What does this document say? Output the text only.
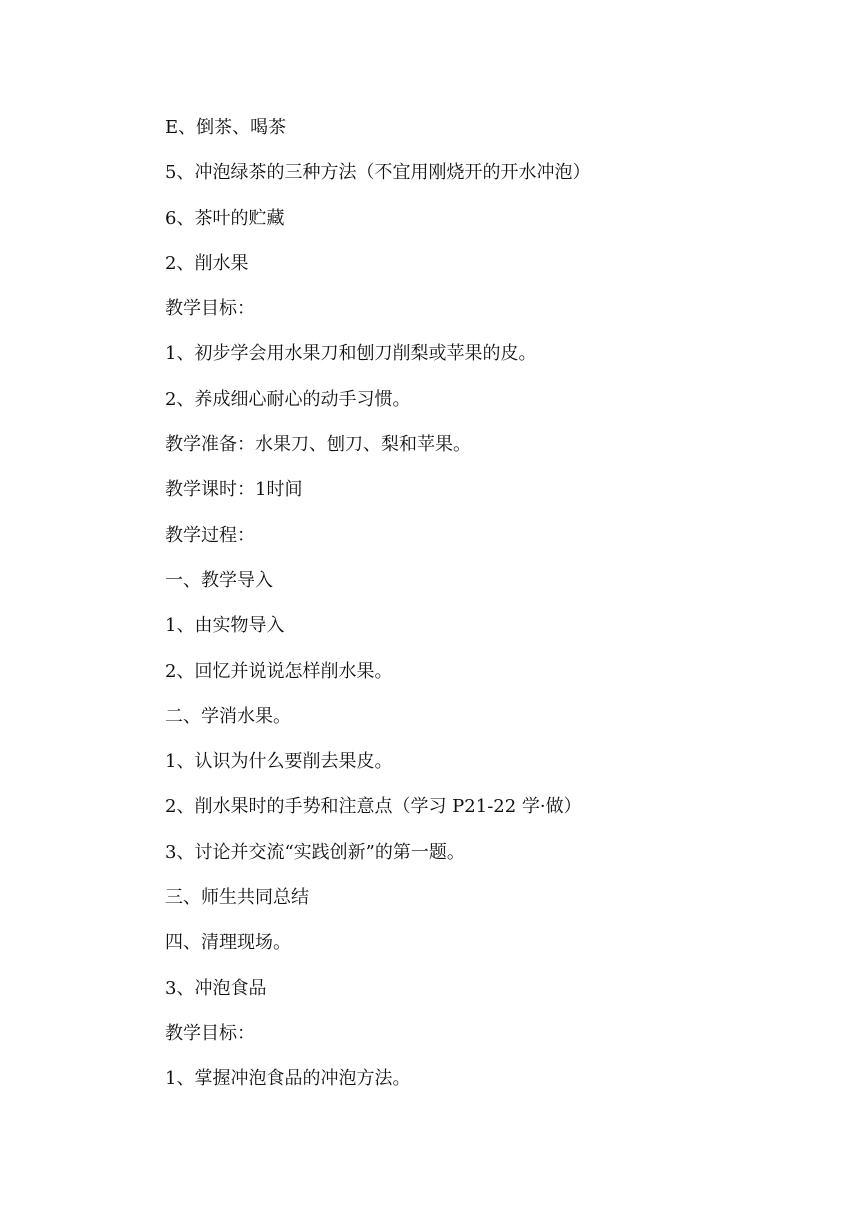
E、倒茶、喝茶
5、冲泡绿茶的三种方法（不宜用刚烧开的开水冲泡）
6、茶叶的贮藏
2、削水果
教学目标：
1、初步学会用水果刀和刨刀削梨或苹果的皮。
2、养成细心耐心的动手习惯。
教学准备：水果刀、刨刀、梨和苹果。
教学课时：1时间
教学过程：
一、教学导入
1、由实物导入
2、回忆并说说怎样削水果。
二、学消水果。
1、认识为什么要削去果皮。
2、削水果时的手势和注意点（学习 P21-22 学·做）
3、讨论并交流“实践创新”的第一题。
三、师生共同总结
四、清理现场。
3、冲泡食品
教学目标：
1、掌握冲泡食品的冲泡方法。
